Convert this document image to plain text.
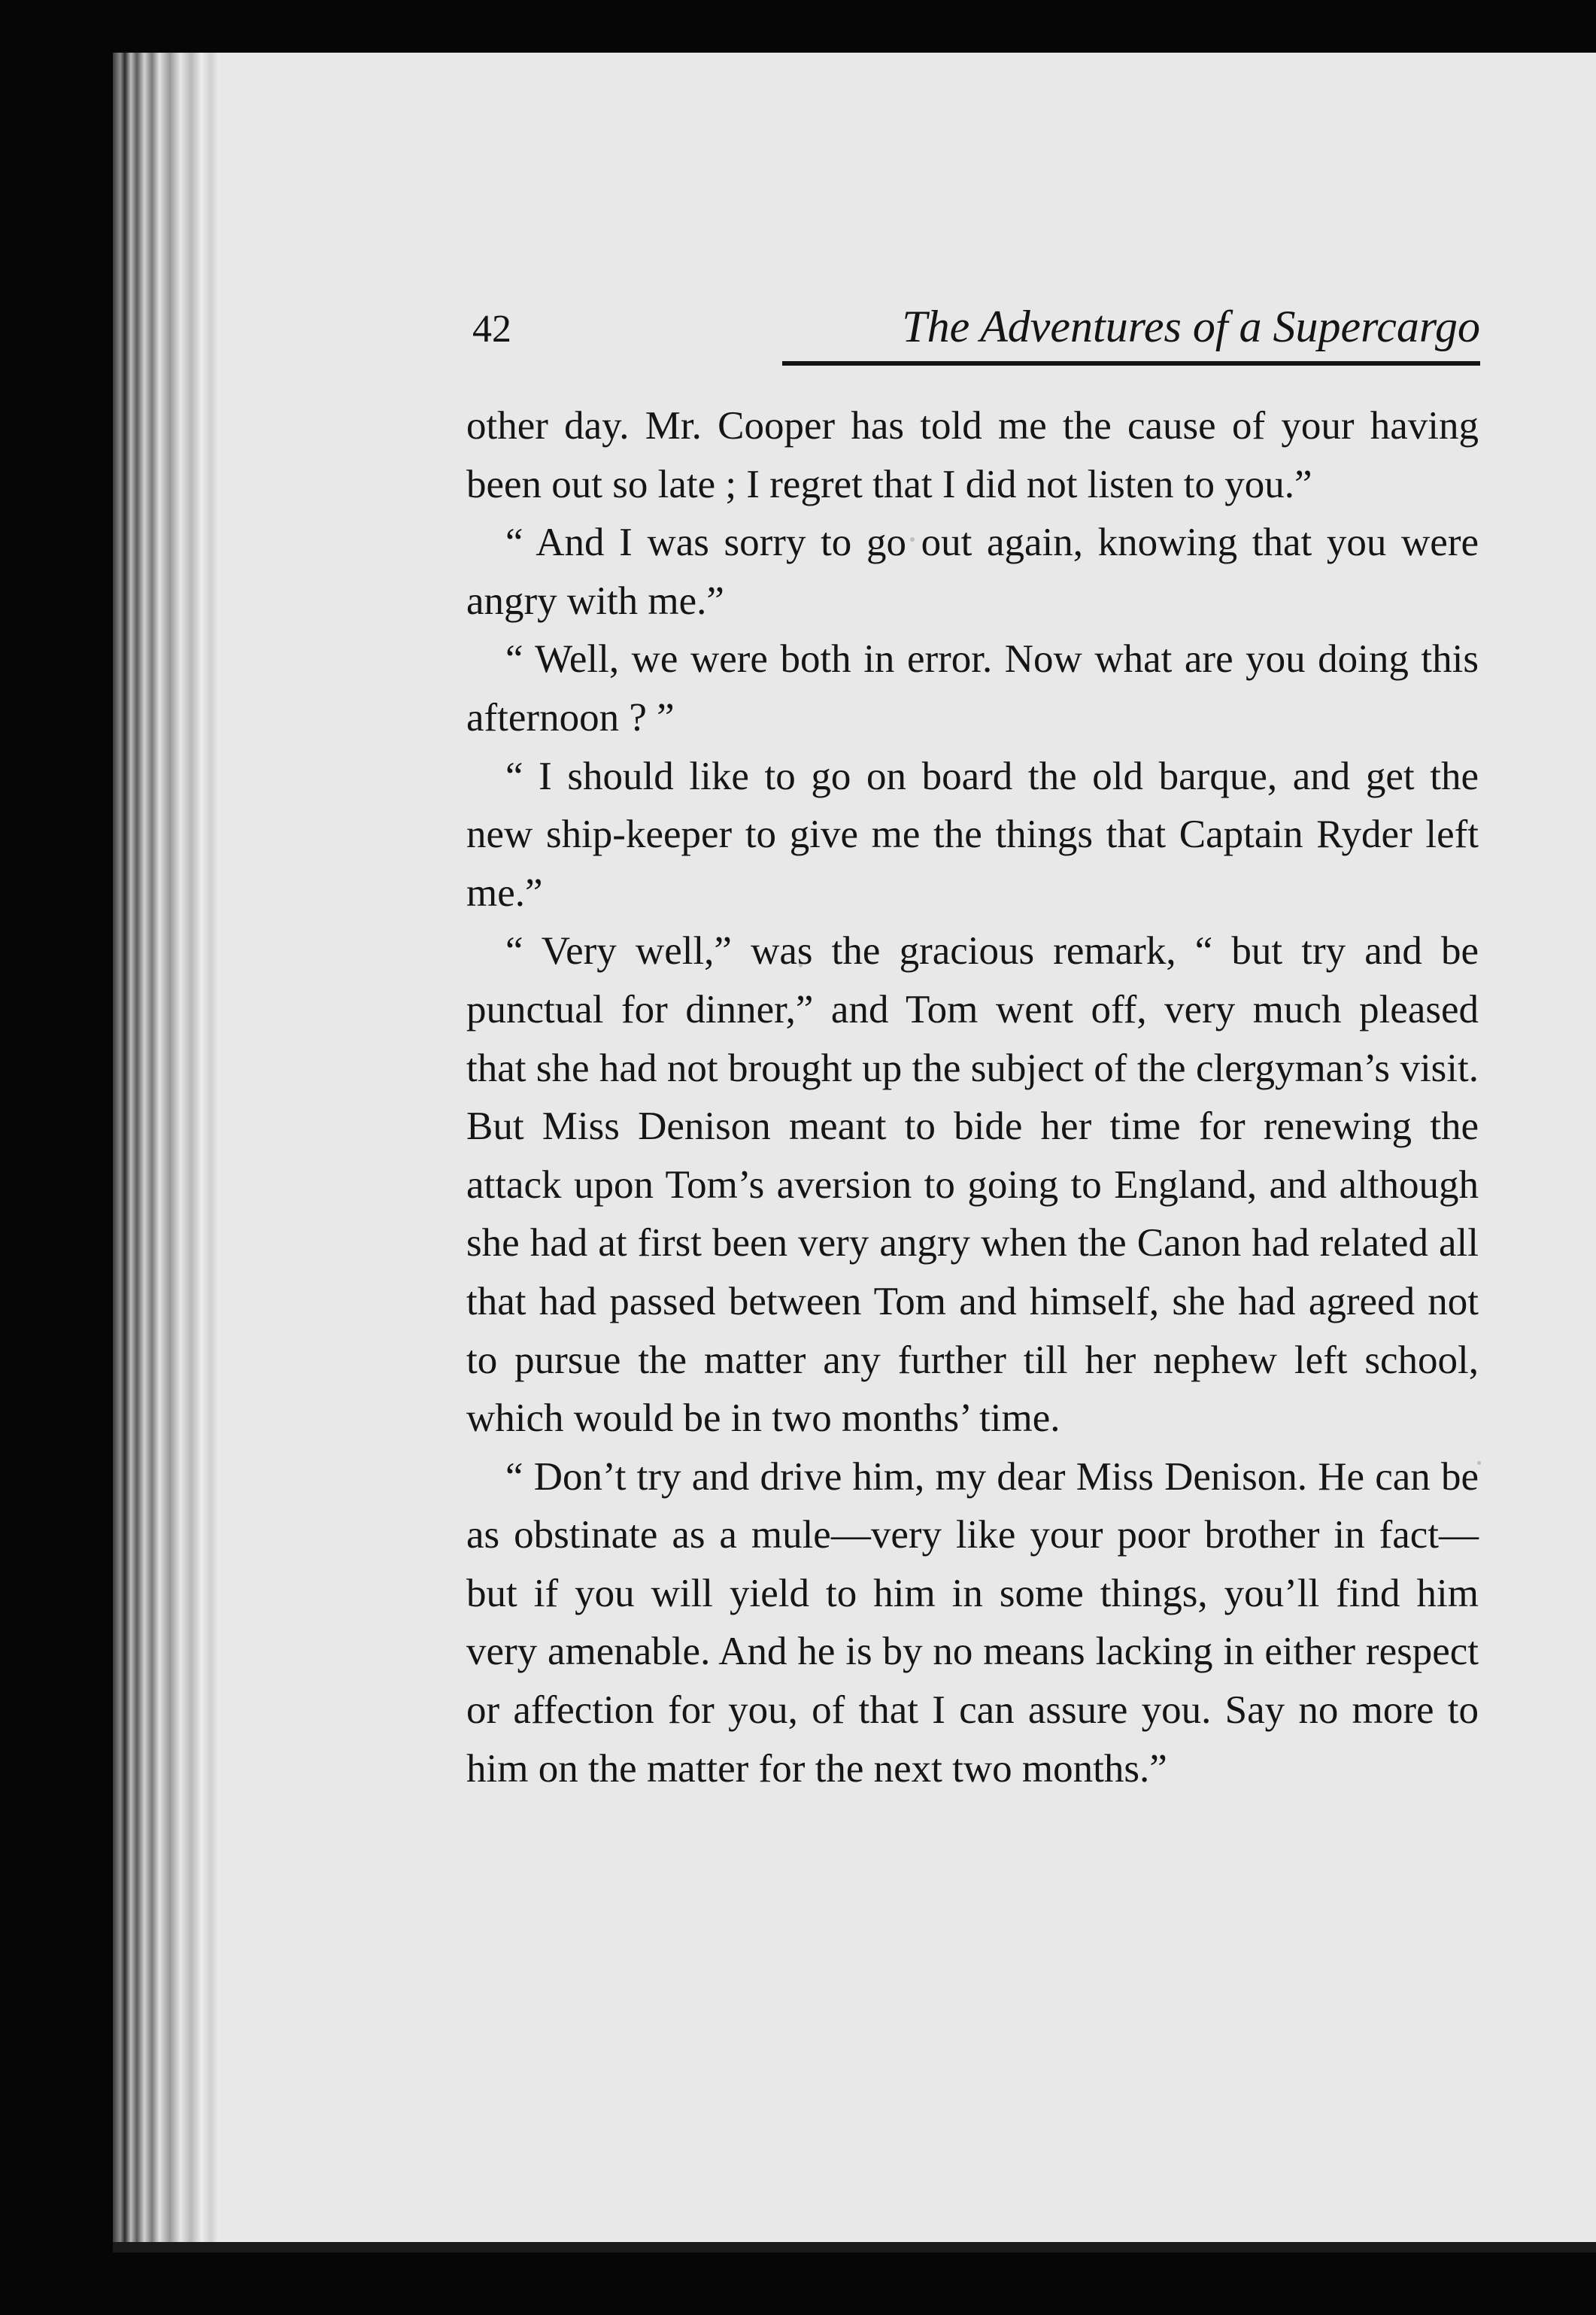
42	The Adventures of a Supercargo

other day. Mr. Cooper has told me the cause of your having been out so late ; I regret that I did not listen to you.”

“ And I was sorry to go out again, knowing that you were angry with me.”

“ Well, we were both in error. Now what are you doing this afternoon ? ”

“ I should like to go on board the old barque, and get the new ship-keeper to give me the things that Captain Ryder left me.”

“ Very well,” was the gracious remark, “ but try and be punctual for dinner,” and Tom went off, very much pleased that she had not brought up the subject of the clergyman’s visit. But Miss Denison meant to bide her time for renewing the attack upon Tom’s aversion to going to England, and although she had at first been very angry when the Canon had related all that had passed between Tom and himself, she had agreed not to pursue the matter any further till her nephew left school, which would be in two months’ time.

“ Don’t try and drive him, my dear Miss Denison. He can be as obstinate as a mule—very like your poor brother in fact—but if you will yield to him in some things, you’ll find him very amenable. And he is by no means lacking in either respect or affection for you, of that I can assure you. Say no more to him on the matter for the next two months.”
